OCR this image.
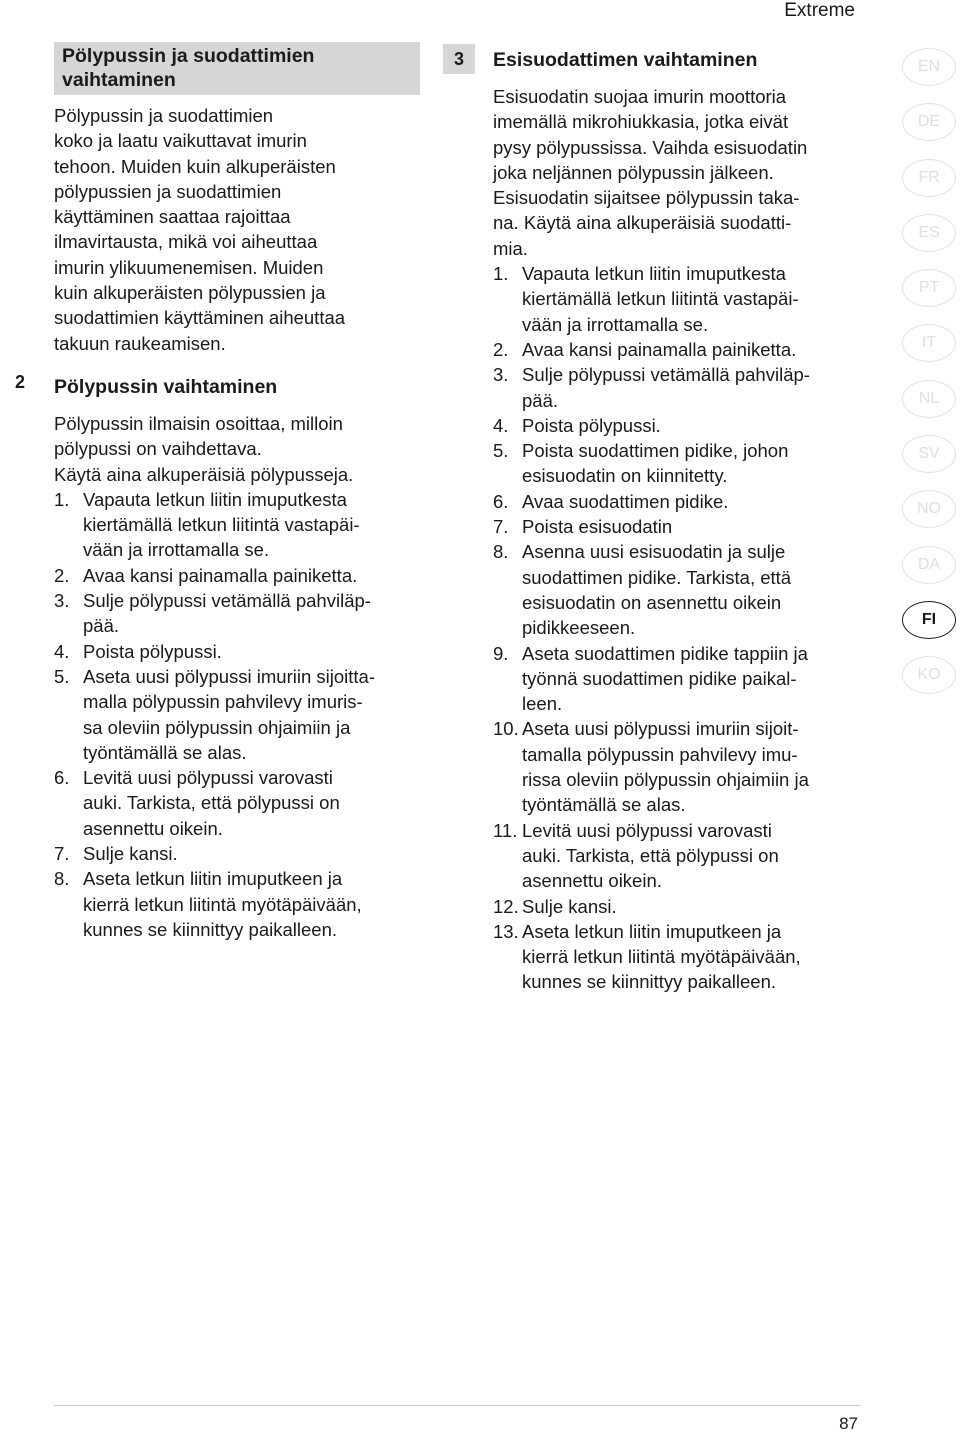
Extreme
Pölypussin ja suodattimien vaihtaminen
Pölypussin ja suodattimien
koko ja laatu vaikuttavat imurin
tehoon. Muiden kuin alkuperäisten
pölypussien ja suodattimien
käyttäminen saattaa rajoittaa
ilmavirtausta, mikä voi aiheuttaa
imurin ylikuumenemisen. Muiden
kuin alkuperäisten pölypussien ja
suodattimien käyttäminen aiheuttaa
takuun raukeamisen.
Pölypussin vaihtaminen
Pölypussin ilmaisin osoittaa, milloin
pölypussi on vaihdettava.
Käytä aina alkuperäisiä pölypusseja.
1. Vapauta letkun liitin imuputkesta
kiertämällä letkun liitintä vastapäi-
vään ja irrottamalla se.
2. Avaa kansi painamalla painiketta.
3. Sulje pölypussi vetämällä pahviläp-
pää.
4. Poista pölypussi.
5. Aseta uusi pölypussi imuriin sijoitta-
malla pölypussin pahvilevy imuris-
sa oleviin pölypussin ohjaimiin ja
työntämällä se alas.
6. Levitä uusi pölypussi varovasti
auki. Tarkista, että pölypussi on
asennettu oikein.
7. Sulje kansi.
8. Aseta letkun liitin imuputkeen ja
kierrä letkun liitintä myötäpäivään,
kunnes se kiinnittyy paikalleen.
2
3	Esisuodattimen vaihtaminen
Esisuodatin suojaa imurin moottoria
imemällä mikrohiukkasia, jotka eivät
pysy pölypussissa. Vaihda esisuodatin
joka neljännen pölypussin jälkeen.
Esisuodatin sijaitsee pölypussin taka-
na. Käytä aina alkuperäisiä suodatti-
mia.
1. Vapauta letkun liitin imuputkesta
kiertämällä letkun liitintä vastapäi-
vään ja irrottamalla se.
2. Avaa kansi painamalla painiketta.
3. Sulje pölypussi vetämällä pahviläp-
pää.
4. Poista pölypussi.
5. Poista suodattimen pidike, johon
esisuodatin on kiinnitetty.
6. Avaa suodattimen pidike.
7. Poista esisuodatin
8. Asenna uusi esisuodatin ja sulje
suodattimen pidike. Tarkista, että
esisuodatin on asennettu oikein
pidikkeeseen.
9. Aseta suodattimen pidike tappiin ja
työnnä suodattimen pidike paikal-
leen.
10. Aseta uusi pölypussi imuriin sijoit-
tamalla pölypussin pahvilevy imu-
rissa oleviin pölypussin ohjaimiin ja
työntämällä se alas.
11. Levitä uusi pölypussi varovasti
auki. Tarkista, että pölypussi on
asennettu oikein.
12. Sulje kansi.
13. Aseta letkun liitin imuputkeen ja
kierrä letkun liitintä myötäpäivään,
kunnes se kiinnittyy paikalleen.
EN
DE
FR
ES
PT
IT
NL
SV
NO
DA
FI
KO
87
